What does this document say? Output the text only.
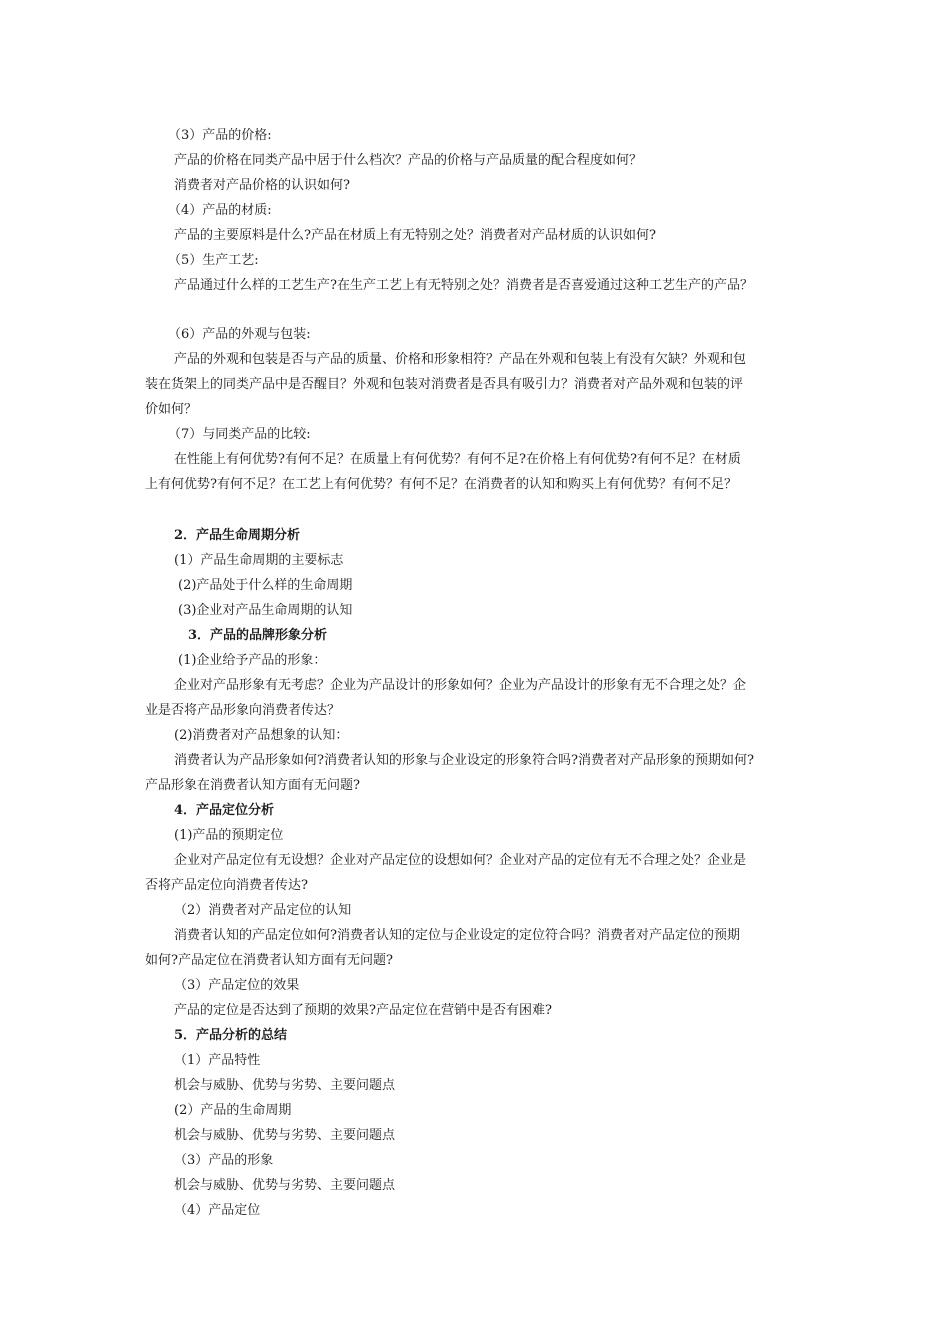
（3）产品的价格:
产品的价格在同类产品中居于什么档次？产品的价格与产品质量的配合程度如何？
消费者对产品价格的认识如何?
（4）产品的材质:
产品的主要原料是什么?产品在材质上有无特别之处？消费者对产品材质的认识如何?
（5）生产工艺:
产品通过什么样的工艺生产?在生产工艺上有无特别之处？消费者是否喜爱通过这种工艺生产的产品？
（6）产品的外观与包装:
产品的外观和包装是否与产品的质量、价格和形象相符？产品在外观和包装上有没有欠缺？外观和包
装在货架上的同类产品中是否醒目？外观和包装对消费者是否具有吸引力？消费者对产品外观和包装的评
价如何？
（7）与同类产品的比较:
在性能上有何优势?有何不足？在质量上有何优势？有何不足?在价格上有何优势?有何不足？在材质
上有何优势?有何不足？在工艺上有何优势？有何不足？在消费者的认知和购买上有何优势？有何不足？
2．产品生命周期分析
(1）产品生命周期的主要标志
(2)产品处于什么样的生命周期
(3)企业对产品生命周期的认知
3．产品的品牌形象分析
(1)企业给予产品的形象：
企业对产品形象有无考虑？企业为产品设计的形象如何？企业为产品设计的形象有无不合理之处？企
业是否将产品形象向消费者传达？
(2)消费者对产品想象的认知：
消费者认为产品形象如何?消费者认知的形象与企业设定的形象符合吗?消费者对产品形象的预期如何?
产品形象在消费者认知方面有无问题?
4．产品定位分析
(1)产品的预期定位
企业对产品定位有无设想？企业对产品定位的设想如何？企业对产品的定位有无不合理之处？企业是
否将产品定位向消费者传达?
（2）消费者对产品定位的认知
消费者认知的产品定位如何?消费者认知的定位与企业设定的定位符合吗？消费者对产品定位的预期
如何?产品定位在消费者认知方面有无问题?
（3）产品定位的效果
产品的定位是否达到了预期的效果?产品定位在营销中是否有困难?
5．产品分析的总结
（1）产品特性
机会与威胁、优势与劣势、主要问题点
(2）产品的生命周期
机会与威胁、优势与劣势、主要问题点
（3）产品的形象
机会与威胁、优势与劣势、主要问题点
（4）产品定位
